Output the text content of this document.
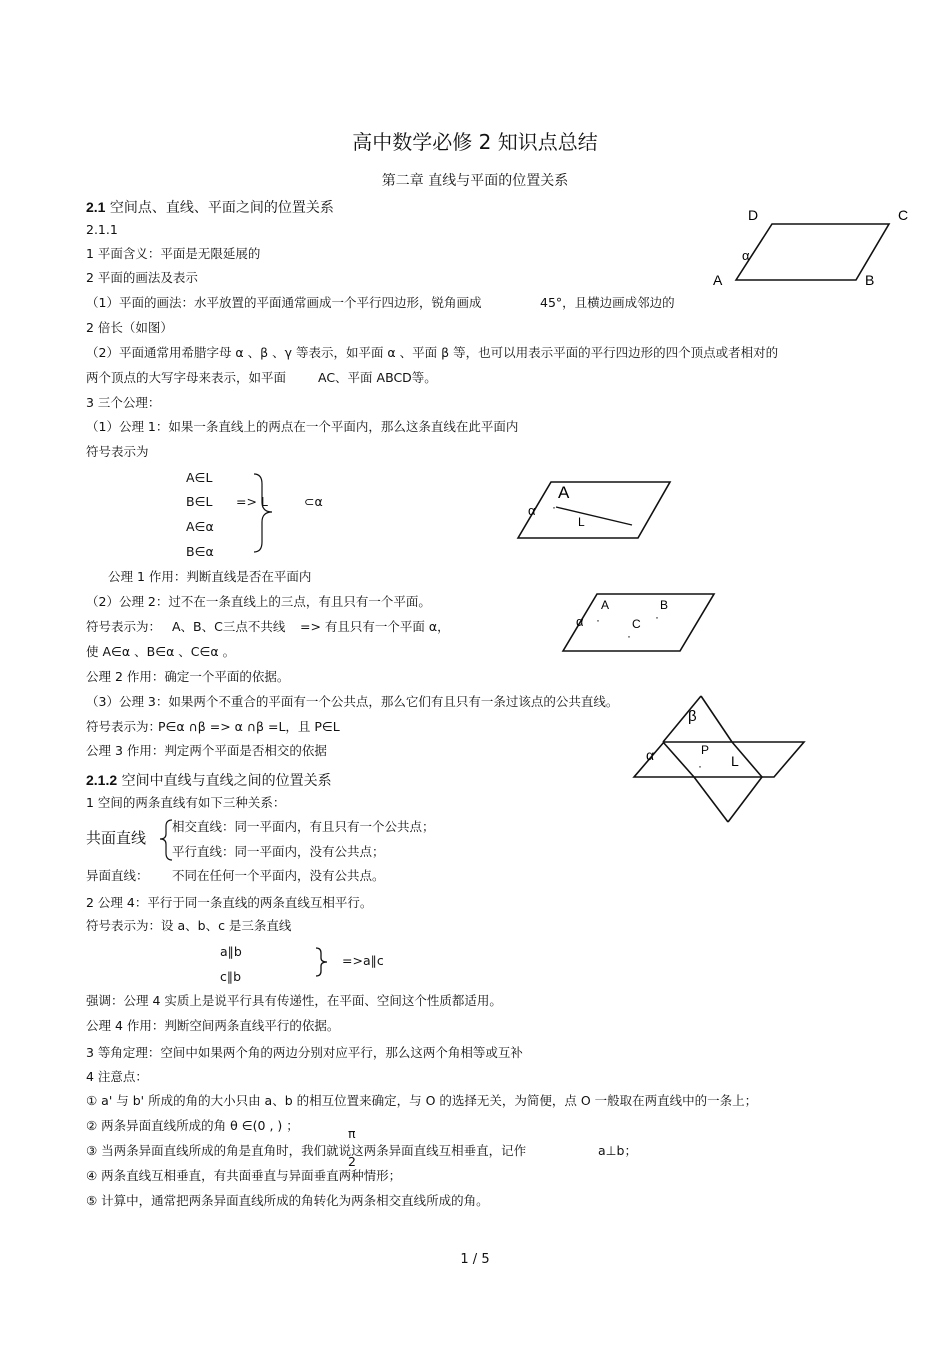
高中数学必修 2 知识点总结
第二章 直线与平面的位置关系
2.1 空间点、直线、平面之间的位置关系
2.1.1
1 平面含义：平面是无限延展的
2 平面的画法及表示
（1）平面的画法：水平放置的平面通常画成一个平行四边形，锐角画成	45°，且横边画成邻边的
2 倍长（如图）
（2）平面通常用希腊字母 α 、β 、γ 等表示，如平面 α 、平面 β 等，也可以用表示平面的平行四边形的四个顶点或者相对的
两个顶点的大写字母来表示，如平面	AC、平面 ABCD等。
3 三个公理：
（1）公理 1：如果一条直线上的两点在一个平面内，那么这条直线在此平面内
符号表示为
A∈L
B∈L => L	⊂α
A∈α
B∈α
公理 1 作用：判断直线是否在平面内
（2）公理 2：过不在一条直线上的三点，有且只有一个平面。
符号表示为： A、B、C三点不共线 => 有且只有一个平面 α，
使 A∈α 、B∈α 、C∈α 。
公理 2 作用：确定一个平面的依据。
（3）公理 3：如果两个不重合的平面有一个公共点，那么它们有且只有一条过该点的公共直线。
符号表示为：
P∈α ∩β => α ∩β =L，且 P∈L
公理 3 作用：判定两个平面是否相交的依据
2.1.2 空间中直线与直线之间的位置关系
1 空间的两条直线有如下三种关系：
共面直线
相交直线：同一平面内，有且只有一个公共点；
平行直线：同一平面内，没有公共点；
异面直线： 不同在任何一个平面内，没有公共点。
2 公理 4：平行于同一条直线的两条直线互相平行。
符号表示为：设 a、b、c 是三条直线
a∥b
c∥b
=>a∥c
强调：公理 4 实质上是说平行具有传递性，在平面、空间这个性质都适用。
公理 4 作用：判断空间两条直线平行的依据。
3 等角定理：空间中如果两个角的两边分别对应平行，那么这两个角相等或互补
4 注意点：
① a' 与 b' 所成的角的大小只由 a、b 的相互位置来确定，与 O 的选择无关，为简便，点 O 一般取在两直线中的一条上；
② 两条异面直线所成的角 θ ∈(0 , ) ；
π
③ 当两条异面直线所成的角是直角时，我们就说这两条异面直线互相垂直，记作	a⊥b；
2
④ 两条直线互相垂直，有共面垂直与异面垂直两种情形；
⑤ 计算中，通常把两条异面直线所成的角转化为两条相交直线所成的角。
D	C
A	B
α
A
·
α
L
A	B
C
α ·	·
·
β
α	P
· L
1 / 5
